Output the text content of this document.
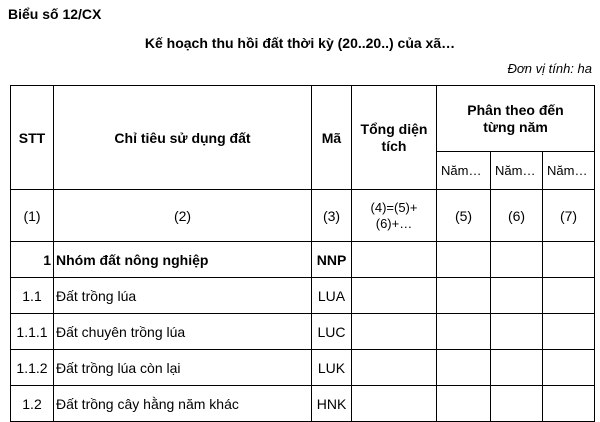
Biểu số 12/CX
Kế hoạch thu hồi đất thời kỳ (20..20..) của xã…
Đơn vị tính: ha
STT	Chỉ tiêu sử dụng đất	Mã	Tổng diện tích	Phân theo đến từng năm		
				Năm…	Năm…	Năm…
(1)	(2)	(3)	(4)=(5)+(6)+…	(5)	(6)	(7)
1	Nhóm đất nông nghiệp	NNP				
1.1	Đất trồng lúa	LUA				
1.1.1	Đất chuyên trồng lúa	LUC				
1.1.2	Đất trồng lúa còn lại	LUK				
1.2	Đất trồng cây hằng năm khác	HNK				
